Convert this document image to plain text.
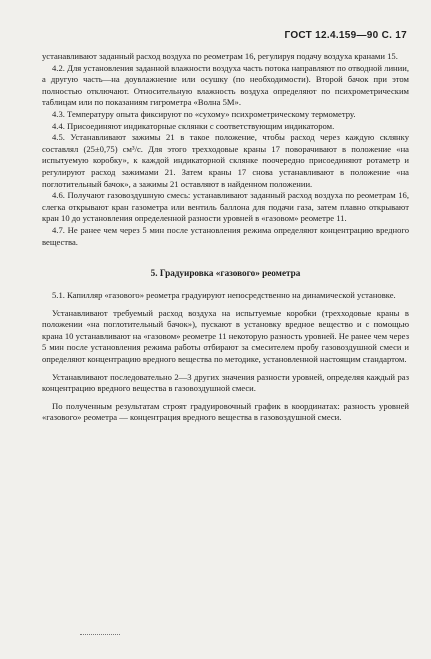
ГОСТ 12.4.159—90 С. 17

устанавливают заданный расход воздуха по реометрам 16, регулируя подачу воздуха кранами 15.

4.2. Для установления заданной влажности воздуха часть потока направляют по отводной линии, а другую часть—на доувлажнение или осушку (по необходимости). Второй бачок при этом полностью отключают. Относительную влажность воздуха определяют по психрометрическим таблицам или по показаниям гигрометра «Волна 5М».

4.3. Температуру опыта фиксируют по «сухому» психрометрическому термометру.

4.4. Присоединяют индикаторные склянки с соответствующим индикатором.

4.5. Устанавливают зажимы 21 в такое положение, чтобы расход через каждую склянку составлял (25±0,75) см³/с. Для этого трехходовые краны 17 поворачивают в положение «на испытуемую коробку», к каждой индикаторной склянке поочередно присоединяют ротаметр и регулируют расход зажимами 21. Затем краны 17 снова устанавливают в положение «на поглотительный бачок», а зажимы 21 оставляют в найденном положении.

4.6. Получают газовоздушную смесь: устанавливают заданный расход воздуха по реометрам 16, слегка открывают кран газометра или вентиль баллона для подачи газа, затем плавно открывают кран 10 до установления определенной разности уровней в «газовом» реометре 11.

4.7. Не ранее чем через 5 мин после установления режима определяют концентрацию вредного вещества.

5. Градуировка «газового» реометра

5.1. Капилляр «газового» реометра градуируют непосредственно на динамической установке.

Устанавливают требуемый расход воздуха на испытуемые коробки (трехходовые краны в положении «на поглотительный бачок»), пускают в установку вредное вещество и с помощью крана 10 устанавливают на «газовом» реометре 11 некоторую разность уровней. Не ранее чем через 5 мин после установления режима работы отбирают за смесителем пробу газовоздушной смеси и определяют концентрацию вредного вещества по методике, установленной настоящим стандартом.

Устанавливают последовательно 2—3 других значения разности уровней, определяя каждый раз концентрацию вредного вещества в газовоздушной смеси.

По полученным результатам строят градуировочный график в координатах: разность уровней «газового» реометра — концентрация вредного вещества в газовоздушной смеси.
